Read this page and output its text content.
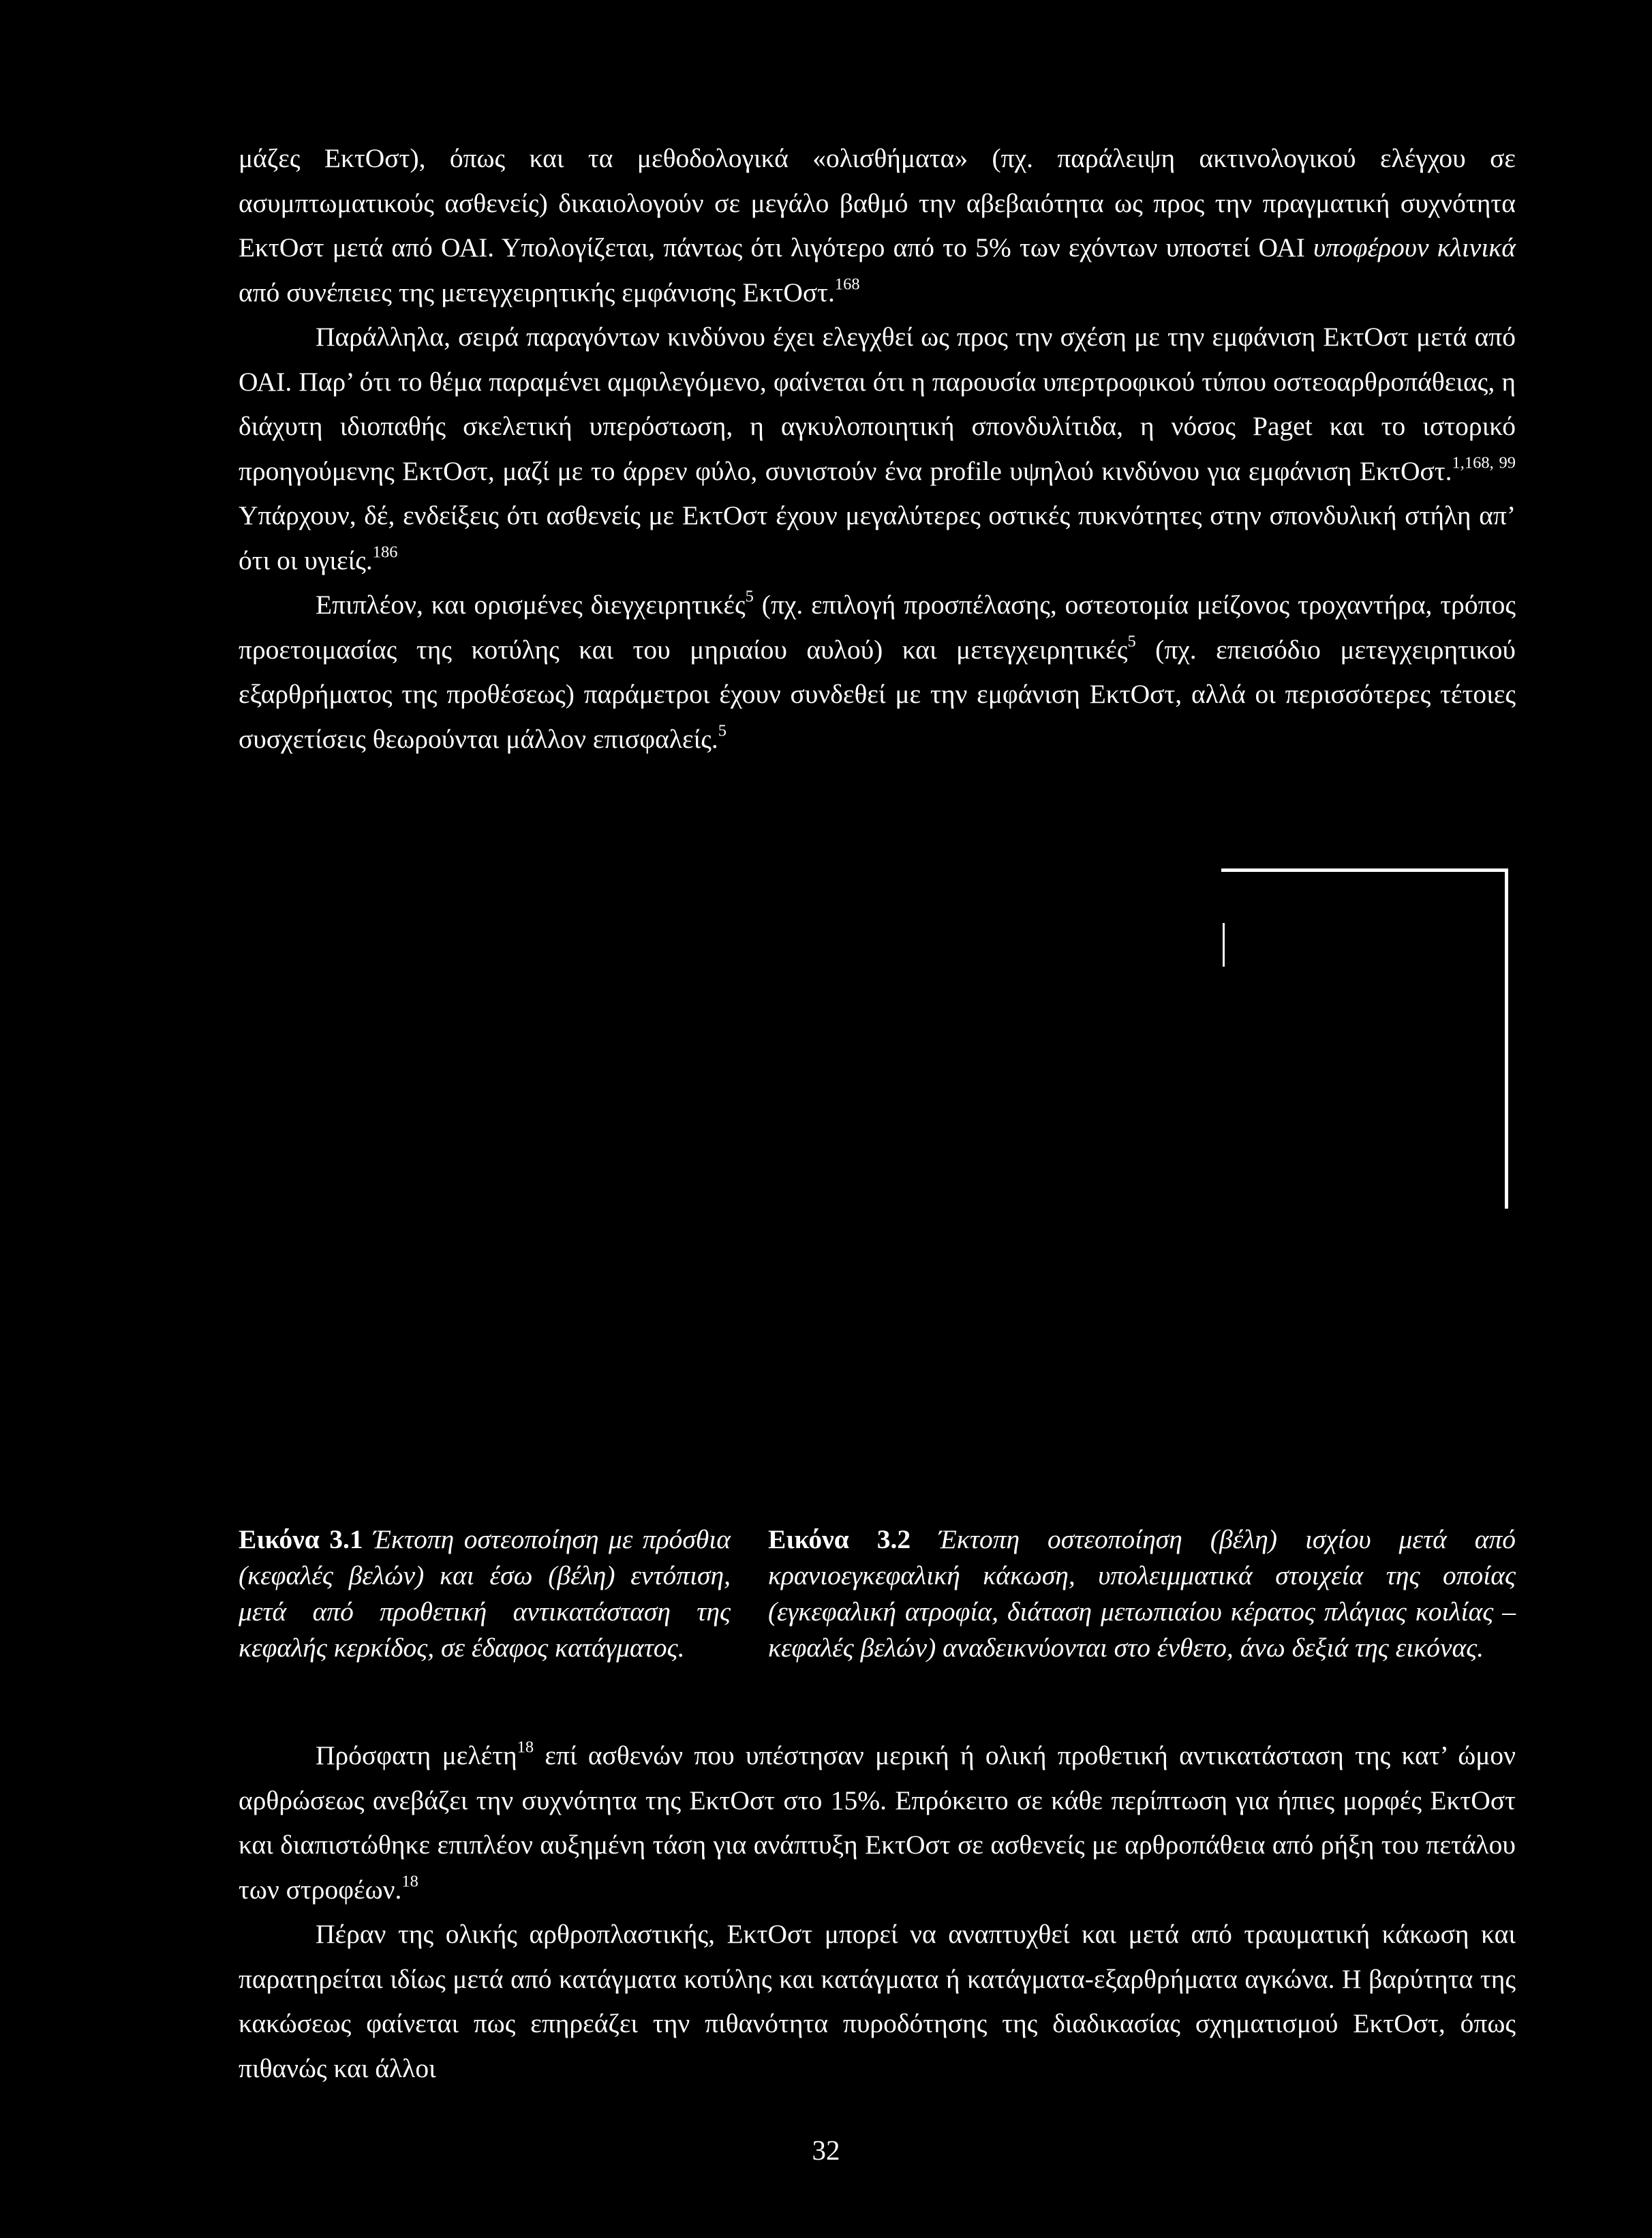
μάζες ΕκτΟστ), όπως και τα μεθοδολογικά «ολισθήματα» (πχ. παράλειψη ακτινολογικού ελέγχου σε ασυμπτωματικούς ασθενείς) δικαιολογούν σε μεγάλο βαθμό την αβεβαιότητα ως προς την πραγματική συχνότητα ΕκτΟστ μετά από ΟΑΙ. Υπολογίζεται, πάντως ότι λιγότερο από το 5% των εχόντων υποστεί ΟΑΙ υποφέρουν κλινικά από συνέπειες της μετεγχειρητικής εμφάνισης ΕκτΟστ.$^{168}$

Παράλληλα, σειρά παραγόντων κινδύνου έχει ελεγχθεί ως προς την σχέση με την εμφάνιση ΕκτΟστ μετά από ΟΑΙ. Παρ’ ότι το θέμα παραμένει αμφιλεγόμενο, φαίνεται ότι η παρουσία υπερτροφικού τύπου οστεοαρθροπάθειας, η διάχυτη ιδιοπαθής σκελετική υπερόστωση, η αγκυλοποιητική σπονδυλίτιδα, η νόσος Paget και το ιστορικό προηγούμενης ΕκτΟστ, μαζί με το άρρεν φύλο, συνιστούν ένα profile υψηλού κινδύνου για εμφάνιση ΕκτΟστ.$^{1,168, 99}$ Υπάρχουν, δέ, ενδείξεις ότι ασθενείς με ΕκτΟστ έχουν μεγαλύτερες οστικές πυκνότητες στην σπονδυλική στήλη απ’ ότι οι υγιείς.$^{186}$

Επιπλέον, και ορισμένες διεγχειρητικές$^5$ (πχ. επιλογή προσπέλασης, οστεοτομία μείζονος τροχαντήρα, τρόπος προετοιμασίας της κοτύλης και του μηριαίου αυλού) και μετεγχειρητικές$^5$ (πχ. επεισόδιο μετεγχειρητικού εξαρθρήματος της προθέσεως) παράμετροι έχουν συνδεθεί με την εμφάνιση ΕκτΟστ, αλλά οι περισσότερες τέτοιες συσχετίσεις θεωρούνται μάλλον επισφαλείς.$^5$

Εικόνα 3.1 Έκτοπη οστεοποίηση με πρόσθια (κεφαλές βελών) και έσω (βέλη) εντόπιση, μετά από προθετική αντικατάσταση της κεφαλής κερκίδος, σε έδαφος κατάγματος.
Εικόνα 3.2 Έκτοπη οστεοποίηση (βέλη) ισχίου μετά από κρανιοεγκεφαλική κάκωση, υπολειμματικά στοιχεία της οποίας (εγκεφαλική ατροφία, διάταση μετωπιαίου κέρατος πλάγιας κοιλίας – κεφαλές βελών) αναδεικνύονται στο ένθετο, άνω δεξιά της εικόνας.

Πρόσφατη μελέτη$^{18}$ επί ασθενών που υπέστησαν μερική ή ολική προθετική αντικατάσταση της κατ’ ώμον αρθρώσεως ανεβάζει την συχνότητα της ΕκτΟστ στο 15%. Επρόκειτο σε κάθε περίπτωση για ήπιες μορφές ΕκτΟστ και διαπιστώθηκε επιπλέον αυξημένη τάση για ανάπτυξη ΕκτΟστ σε ασθενείς με αρθροπάθεια από ρήξη του πετάλου των στροφέων.$^{18}$

Πέραν της ολικής αρθροπλαστικής, ΕκτΟστ μπορεί να αναπτυχθεί και μετά από τραυματική κάκωση και παρατηρείται ιδίως μετά από κατάγματα κοτύλης και κατάγματα ή κατάγματα-εξαρθρήματα αγκώνα. Η βαρύτητα της κακώσεως φαίνεται πως επηρεάζει την πιθανότητα πυροδότησης της διαδικασίας σχηματισμού ΕκτΟστ, όπως πιθανώς και άλλοι

32
